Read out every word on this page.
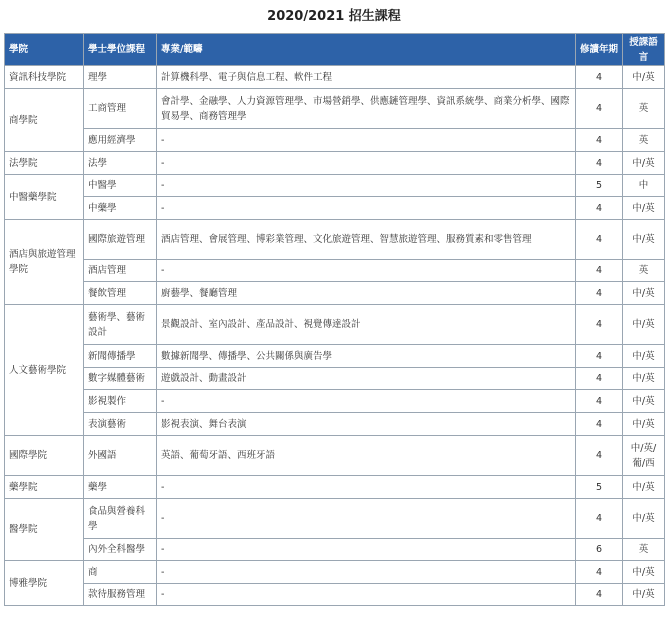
2020/2021 招生課程
學院	學士學位課程	專業/範疇	修讀年期	授課語言
資訊科技學院	理學	計算機科學、電子與信息工程、軟件工程	4	中/英
商學院	工商管理	會計學、金融學、人力資源管理學、市場營銷學、供應鏈管理學、資訊系統學、商業分析學、國際貿易學、商務管理學	4	英
	應用經濟學	-	4	英
法學院	法學	-	4	中/英
中醫藥學院	中醫學	-	5	中
	中藥學	-	4	中/英
酒店與旅遊管理學院	國際旅遊管理	酒店管理、會展管理、博彩業管理、文化旅遊管理、智慧旅遊管理、服務質素和零售管理	4	中/英
	酒店管理	-	4	英
	餐飲管理	廚藝學、餐廳管理	4	中/英
人文藝術學院	藝術學、藝術設計	景觀設計、室內設計、產品設計、視覺傳達設計	4	中/英
	新聞傳播學	數據新聞學、傳播學、公共關係與廣告學	4	中/英
	數字媒體藝術	遊戲設計、動畫設計	4	中/英
	影視製作	-	4	中/英
	表演藝術	影視表演、舞台表演	4	中/英
國際學院	外國語	英語、葡萄牙語、西班牙語	4	中/英/葡/西
藥學院	藥學	-	5	中/英
醫學院	食品與營養科學	-	4	中/英
	內外全科醫學	-	6	英
博雅學院	商	-	4	中/英
	款待服務管理	-	4	中/英
